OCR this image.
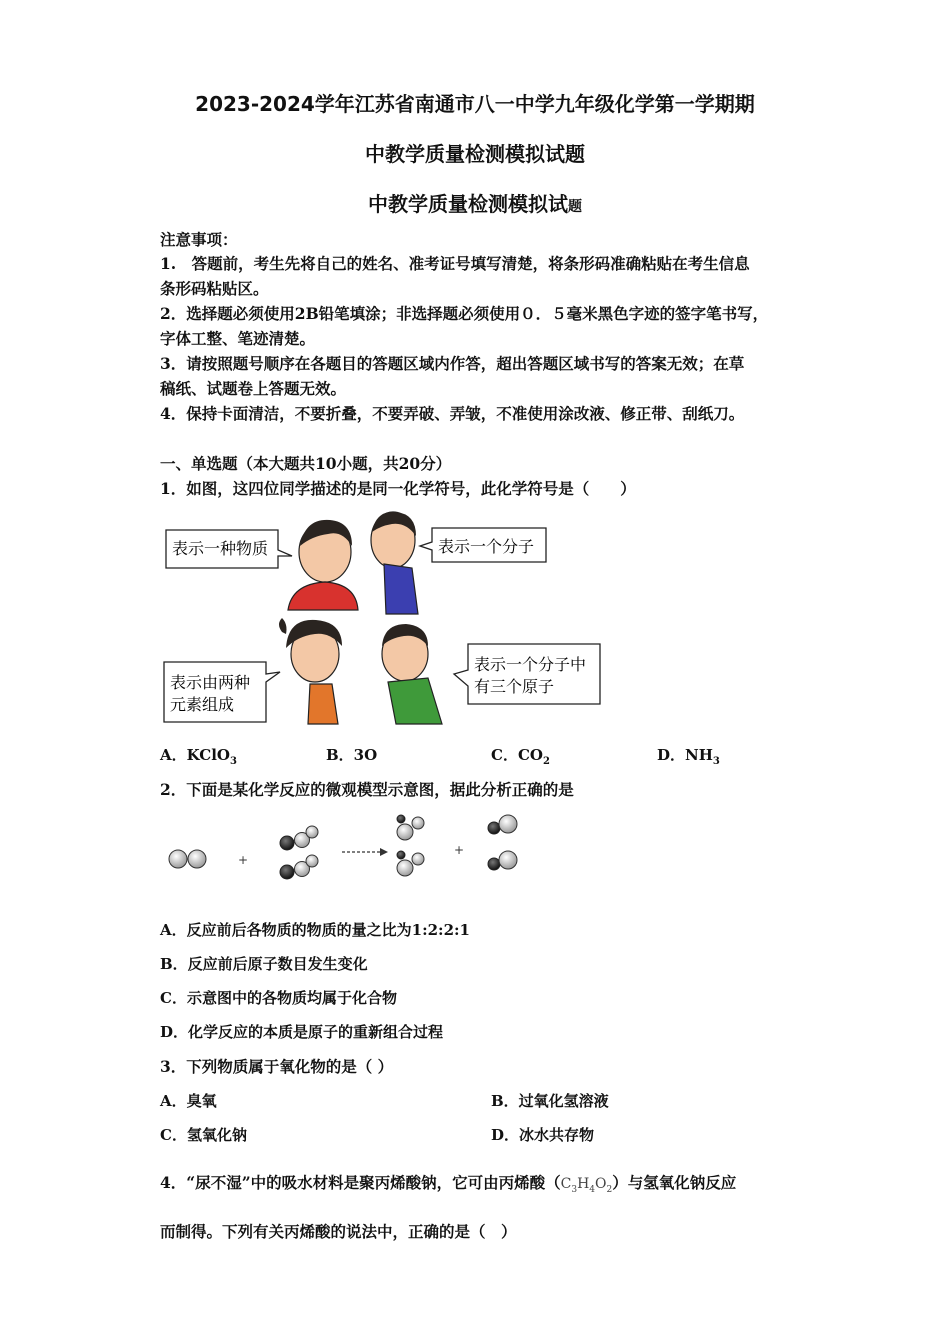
2023-2024学年江苏省南通市八一中学九年级化学第一学期期
中教学质量检测模拟试题
中教学质量检测模拟试题
注意事项：
1.　答题前，考生先将自己的姓名、准考证号填写清楚，将条形码准确粘贴在考生信息
条形码粘贴区。
2．选择题必须使用2B铅笔填涂；非选择题必须使用０．５毫米黑色字迹的签字笔书写，
字体工整、笔迹清楚。
3．请按照题号顺序在各题目的答题区域内作答，超出答题区域书写的答案无效；在草
稿纸、试题卷上答题无效。
4．保持卡面清洁，不要折叠，不要弄破、弄皱，不准使用涂改液、修正带、刮纸刀。
一、单选题（本大题共10小题，共20分）
1．如图，这四位同学描述的是同一化学符号，此化学符号是（　　）
表示一种物质	表示一个分子
表示由两种
元素组成
表示一个分子中
有三个原子
A．KClO$_3$	B．3O	C．$CO_2$	D．$NH_3$
2．下面是某化学反应的微观模型示意图，据此分析正确的是
+
+
A．反应前后各物质的物质的量之比为1:2:2:1
B．反应前后原子数目发生变化
C．示意图中的各物质均属于化合物
D．化学反应的本质是原子的重新组合过程
3．下列物质属于氧化物的是（ ）
A．臭氧	B．过氧化氢溶液
C．氢氧化钠	D．冰水共存物
4．“尿不湿”中的吸水材料是聚丙烯酸钠，它可由丙烯酸$(C_3H_4O_2)$与氢氧化钠反应
而制得。下列有关丙烯酸的说法中，正确的是（　）
